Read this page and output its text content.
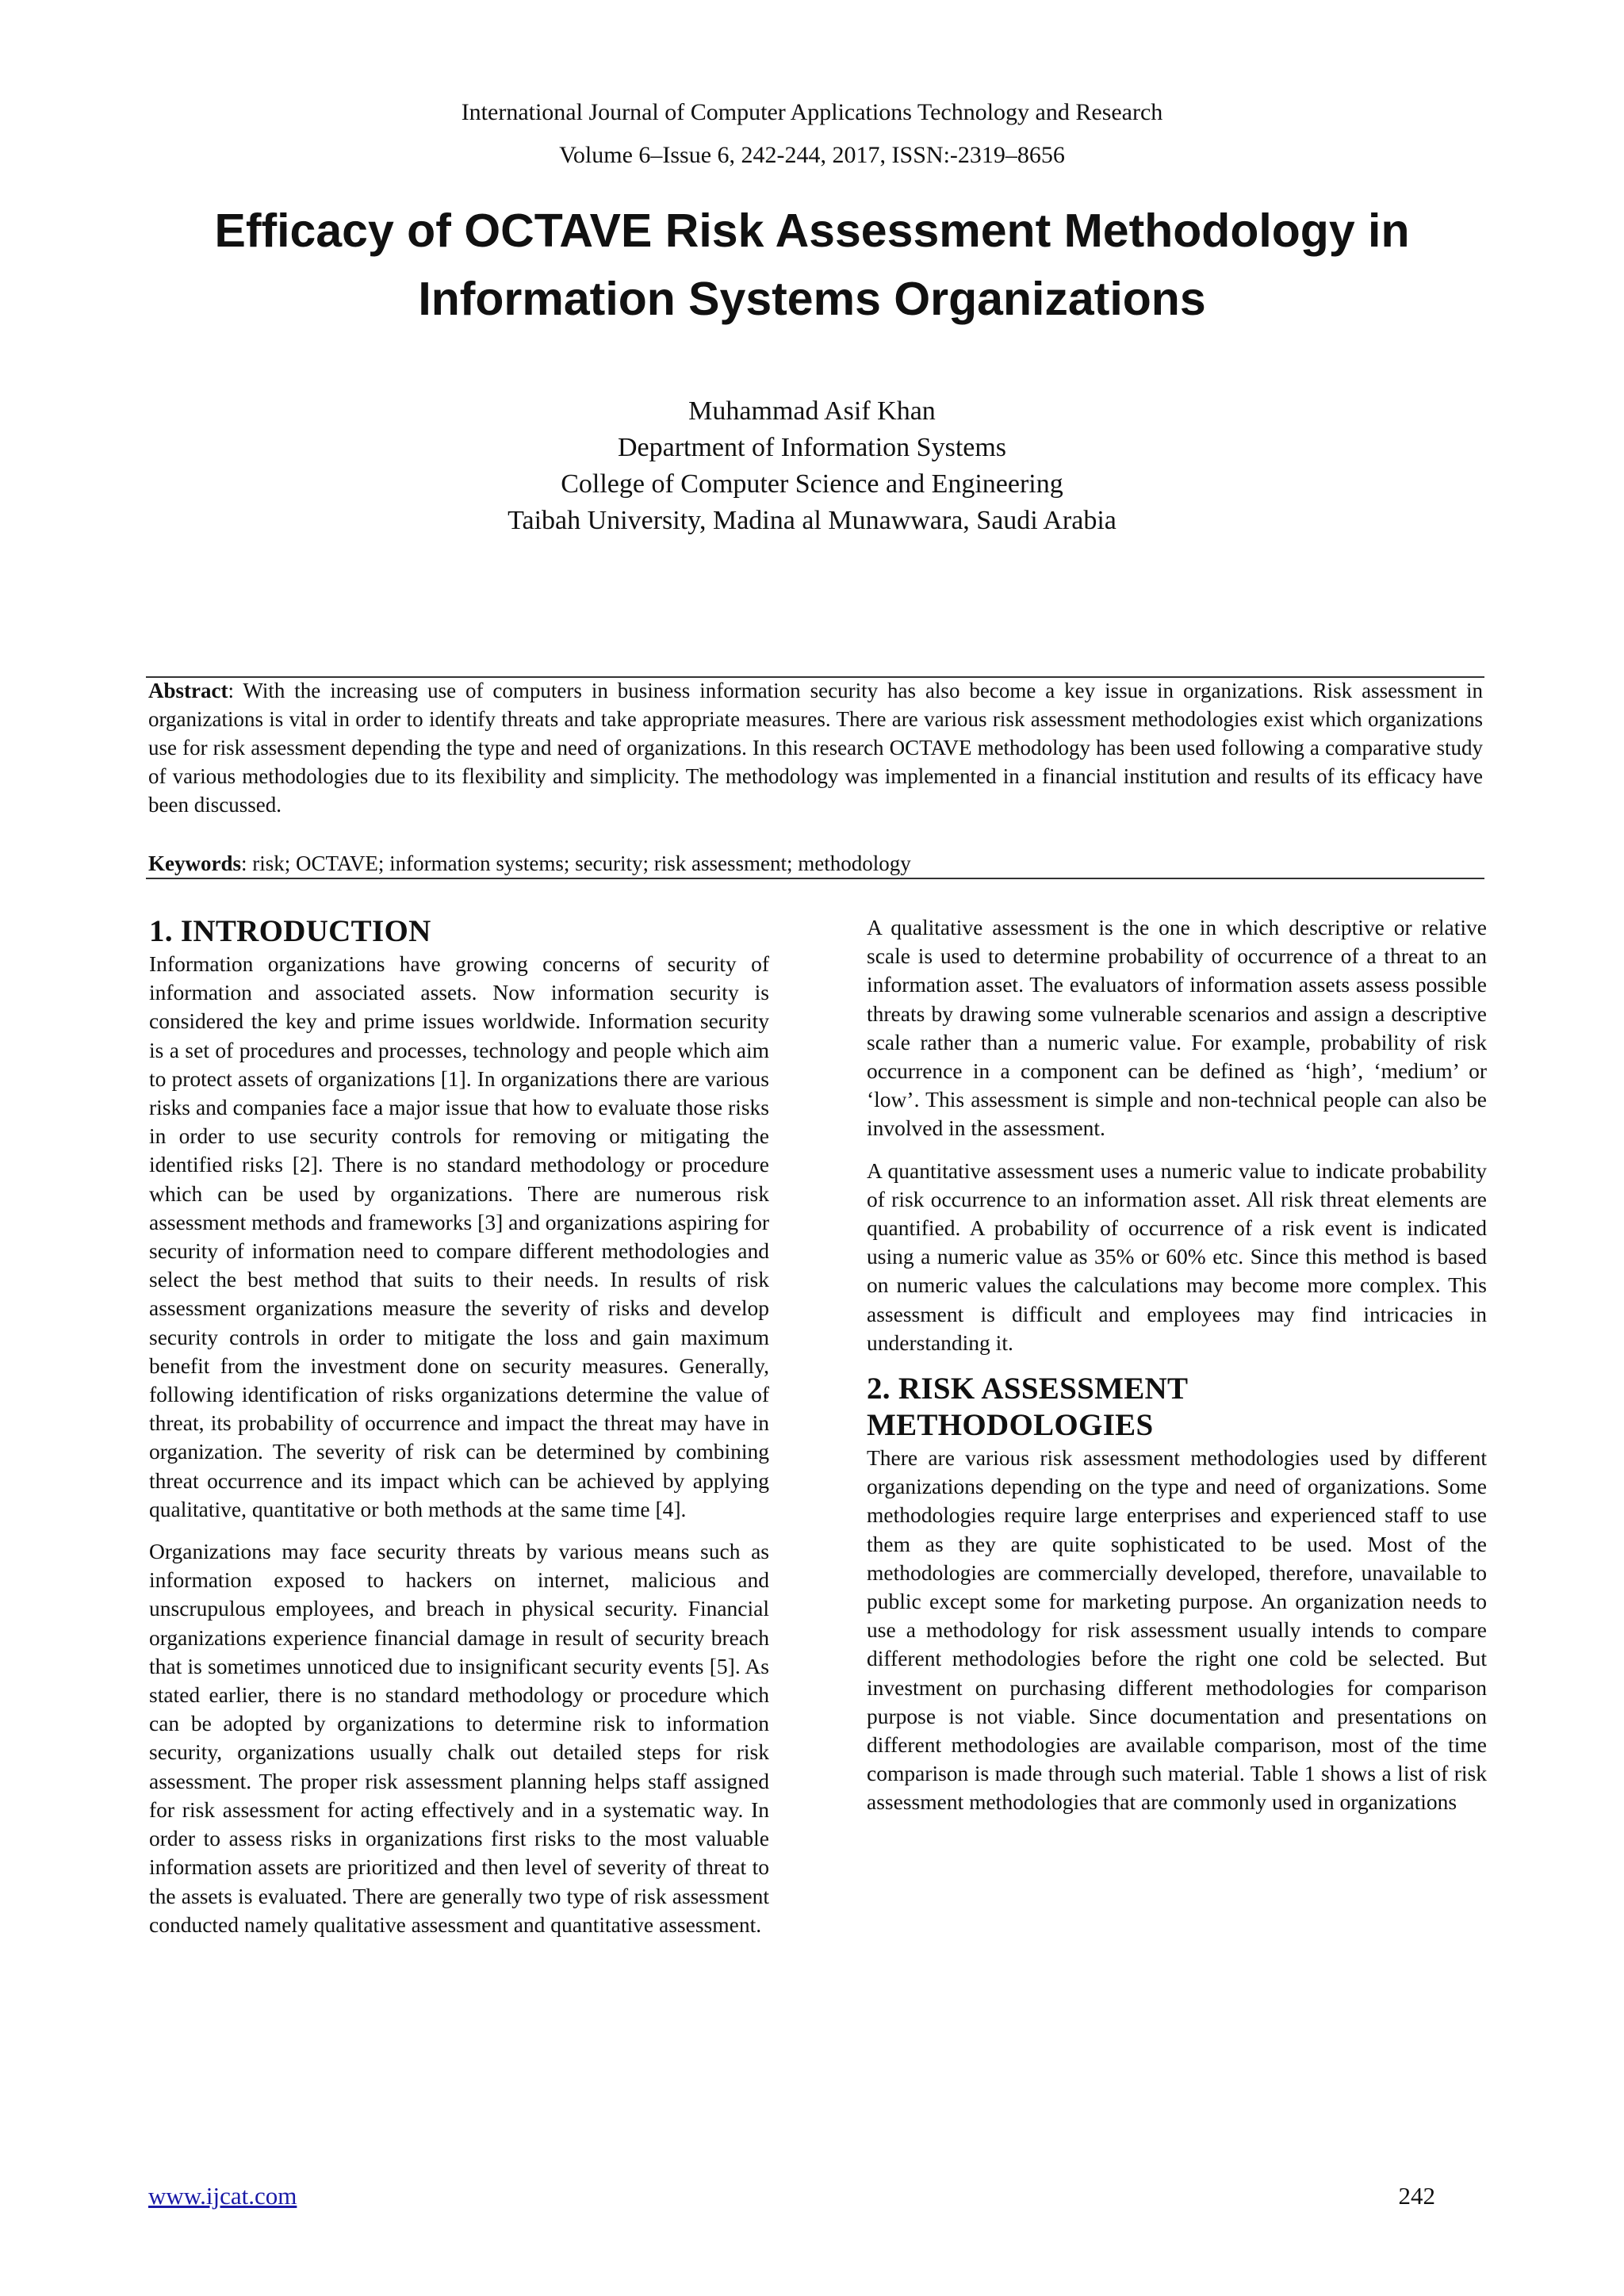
International Journal of Computer Applications Technology and Research
Volume 6–Issue 6, 242-244, 2017, ISSN:-2319–8656
Efficacy of OCTAVE Risk Assessment Methodology in Information Systems Organizations
Muhammad Asif Khan
Department of Information Systems
College of Computer Science and Engineering
Taibah University, Madina al Munawwara, Saudi Arabia
Abstract: With the increasing use of computers in business information security has also become a key issue in organizations. Risk assessment in organizations is vital in order to identify threats and take appropriate measures. There are various risk assessment methodologies exist which organizations use for risk assessment depending the type and need of organizations. In this research OCTAVE methodology has been used following a comparative study of various methodologies due to its flexibility and simplicity. The methodology was implemented in a financial institution and results of its efficacy have been discussed.
Keywords: risk; OCTAVE; information systems; security; risk assessment; methodology
1. INTRODUCTION

Information organizations have growing concerns of security of information and associated assets. Now information security is considered the key and prime issues worldwide. Information security is a set of procedures and processes, technology and people which aim to protect assets of organizations [1]. In organizations there are various risks and companies face a major issue that how to evaluate those risks in order to use security controls for removing or mitigating the identified risks [2]. There is no standard methodology or procedure which can be used by organizations. There are numerous risk assessment methods and frameworks [3] and organizations aspiring for security of information need to compare different methodologies and select the best method that suits to their needs. In results of risk assessment organizations measure the severity of risks and develop security controls in order to mitigate the loss and gain maximum benefit from the investment done on security measures. Generally, following identification of risks organizations determine the value of threat, its probability of occurrence and impact the threat may have in organization. The severity of risk can be determined by combining threat occurrence and its impact which can be achieved by applying qualitative, quantitative or both methods at the same time [4].

Organizations may face security threats by various means such as information exposed to hackers on internet, malicious and unscrupulous employees, and breach in physical security. Financial organizations experience financial damage in result of security breach that is sometimes unnoticed due to insignificant security events [5]. As stated earlier, there is no standard methodology or procedure which can be adopted by organizations to determine risk to information security, organizations usually chalk out detailed steps for risk assessment. The proper risk assessment planning helps staff assigned for risk assessment for acting effectively and in a systematic way. In order to assess risks in organizations first risks to the most valuable information assets are prioritized and then level of severity of threat to the assets is evaluated. There are generally two type of risk assessment conducted namely qualitative assessment and quantitative assessment.

A qualitative assessment is the one in which descriptive or relative scale is used to determine probability of occurrence of a threat to an information asset. The evaluators of information assets assess possible threats by drawing some vulnerable scenarios and assign a descriptive scale rather than a numeric value. For example, probability of risk occurrence in a component can be defined as ‘high’, ‘medium’ or ‘low’. This assessment is simple and non-technical people can also be involved in the assessment.

A quantitative assessment uses a numeric value to indicate probability of risk occurrence to an information asset. All risk threat elements are quantified. A probability of occurrence of a risk event is indicated using a numeric value as 35% or 60% etc. Since this method is based on numeric values the calculations may become more complex. This assessment is difficult and employees may find intricacies in understanding it.

2. RISK ASSESSMENT
METHODOLOGIES

There are various risk assessment methodologies used by different organizations depending on the type and need of organizations. Some methodologies require large enterprises and experienced staff to use them as they are quite sophisticated to be used. Most of the methodologies are commercially developed, therefore, unavailable to public except some for marketing purpose. An organization needs to use a methodology for risk assessment usually intends to compare different methodologies before the right one cold be selected. But investment on purchasing different methodologies for comparison purpose is not viable. Since documentation and presentations on different methodologies are available comparison, most of the time comparison is made through such material. Table 1 shows a list of risk assessment methodologies that are commonly used in organizations

www.ijcat.com	242
